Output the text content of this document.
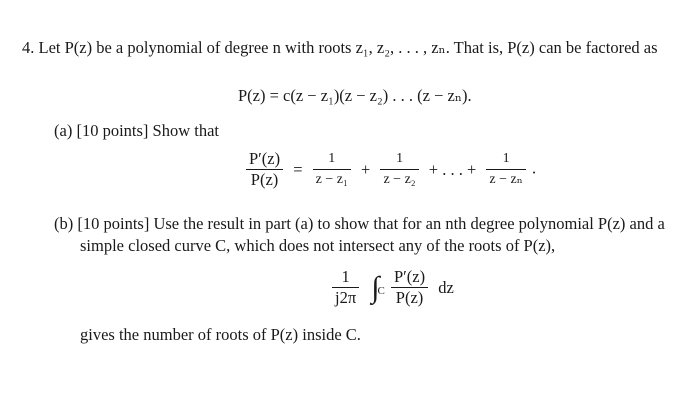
4. Let P(z) be a polynomial of degree n with roots z₁, z₂, . . . , zₙ. That is, P(z) can be factored as
P(z) = c(z − z₁)(z − z₂) . . . (z − zₙ).
(a) [10 points] Show that
$\frac{P'(z)}{P(z)} = \frac{1}{\text{z − z₁}} + \frac{1}{\text{z − z₂}}$ + . . . + $\frac{1}{\text{z − zₙ}}$ .
(b) [10 points] Use the result in part (a) to show that for an nth degree polynomial P(z) and a
simple closed curve C, which does not intersect any of the roots of P(z),
$\frac{1}{j2\pi} \int_C \frac{P'(z)}{P(z)}$ dz
gives the number of roots of P(z) inside C.
